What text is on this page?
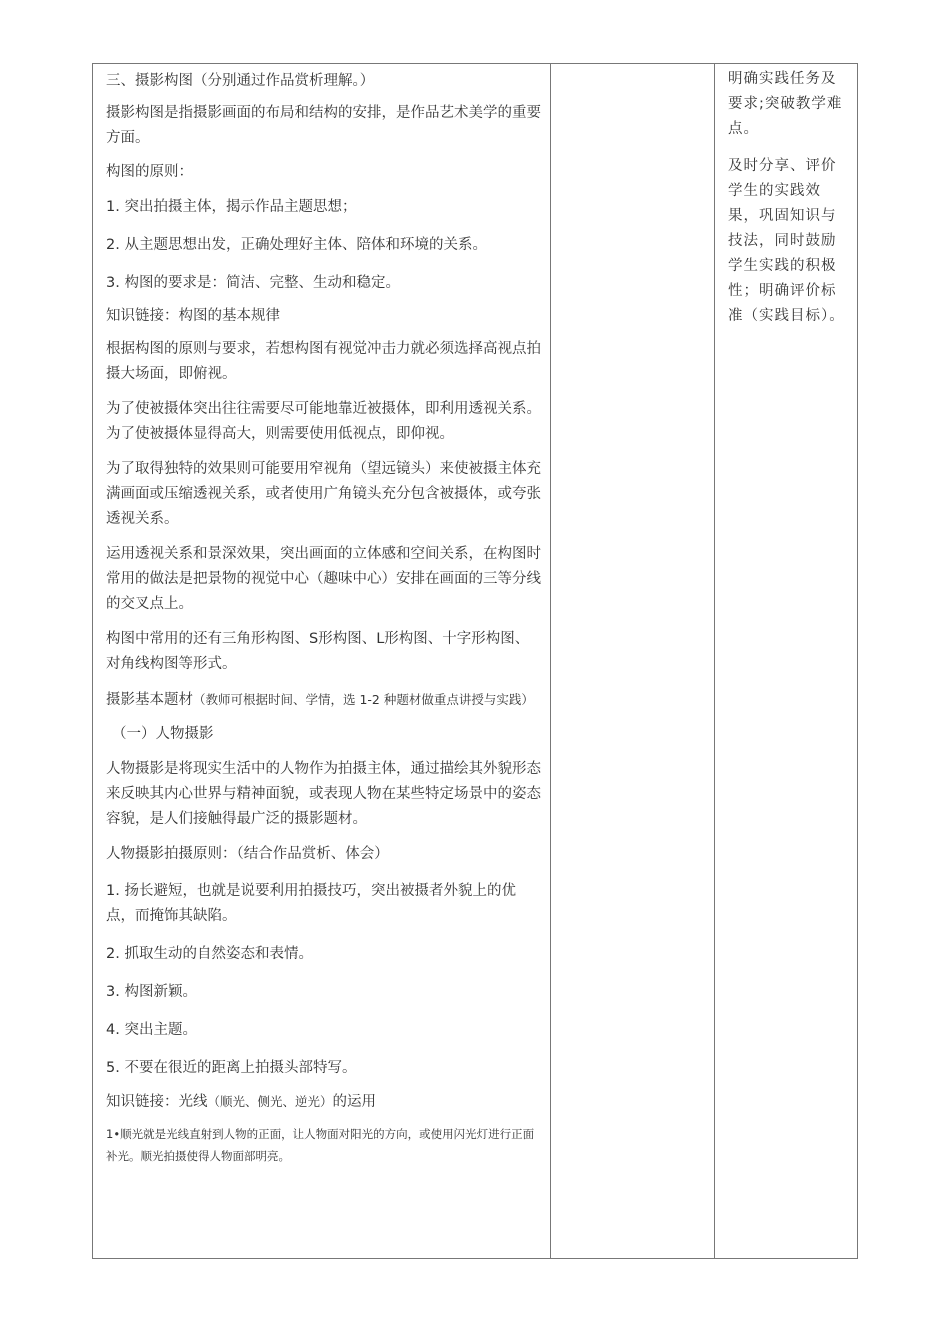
三、摄影构图（分别通过作品赏析理解。）

摄影构图是指摄影画面的布局和结构的安排，是作品艺术美学的重要方面。

构图的原则：

1. 突出拍摄主体，揭示作品主题思想；

2. 从主题思想出发，正确处理好主体、陪体和环境的关系。

3. 构图的要求是：简洁、完整、生动和稳定。

知识链接：构图的基本规律

根据构图的原则与要求，若想构图有视觉冲击力就必须选择高视点拍摄大场面，即俯视。

为了使被摄体突出往往需要尽可能地靠近被摄体，即利用透视关系。为了使被摄体显得高大，则需要使用低视点，即仰视。

为了取得独特的效果则可能要用窄视角（望远镜头）来使被摄主体充满画面或压缩透视关系，或者使用广角镜头充分包含被摄体，或夸张透视关系。

运用透视关系和景深效果，突出画面的立体感和空间关系，在构图时常用的做法是把景物的视觉中心（趣味中心）安排在画面的三等分线的交叉点上。

构图中常用的还有三角形构图、S形构图、L形构图、十字形构图、对角线构图等形式。

摄影基本题材（教师可根据时间、学情，选 1-2 种题材做重点讲授与实践）

（一）人物摄影

人物摄影是将现实生活中的人物作为拍摄主体，通过描绘其外貌形态来反映其内心世界与精神面貌，或表现人物在某些特定场景中的姿态容貌，是人们接触得最广泛的摄影题材。

人物摄影拍摄原则：（结合作品赏析、体会）

1. 扬长避短，也就是说要利用拍摄技巧，突出被摄者外貌上的优点，而掩饰其缺陷。

2. 抓取生动的自然姿态和表情。

3. 构图新颖。

4. 突出主题。

5. 不要在很近的距离上拍摄头部特写。

知识链接：光线（顺光、侧光、逆光）的运用

1•顺光就是光线直射到人物的正面，让人物面对阳光的方向，或使用闪光灯进行正面补光。顺光拍摄使得人物面部明亮。

明确实践任务及要求;突破教学难点。

及时分享、评价学生的实践效果，巩固知识与技法，同时鼓励学生实践的积极性；明确评价标准（实践目标）。
